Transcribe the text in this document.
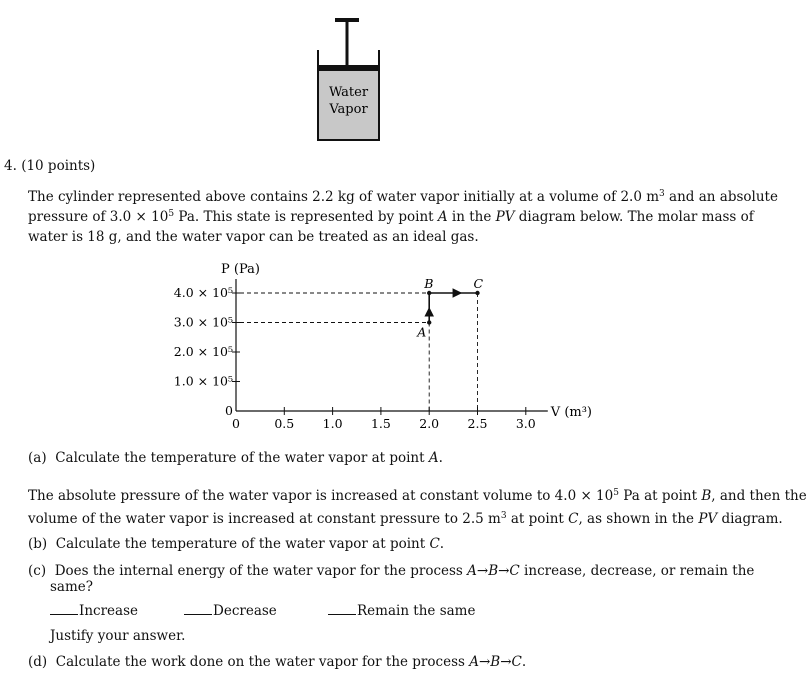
Water
Vapor
4. (10 points)
The cylinder represented above contains 2.2 kg of water vapor initially at a volume of 2.0 $m^3$ and an absolute
pressure of $3.0 \times 10^5$ Pa. This state is represented by point A in the PV diagram below. The molar mass of
water is 18 g, and the water vapor can be treated as an ideal gas.
0	0.5 1.0 1.5 2.0 2.5 3.0
0
1.0 × 10⁵
2.0 × 10⁵
3.0 × 10⁵
4.0 × 10⁵
P (Pa)
V (m³)
A
B	C
(a) Calculate the temperature of the water vapor at point A.
The absolute pressure of the water vapor is increased at constant volume to $4.0 \times 10^5$ Pa at point B, and then the
volume of the water vapor is increased at constant pressure to 2.5 $m^3$ at point C, as shown in the PV diagram.
(b) Calculate the temperature of the water vapor at point C.
(c) Does the internal energy of the water vapor for the process A→B→C increase, decrease, or remain the
same?
Increase	Decrease	Remain the same
Justify your answer.
(d) Calculate the work done on the water vapor for the process A→B→C.
